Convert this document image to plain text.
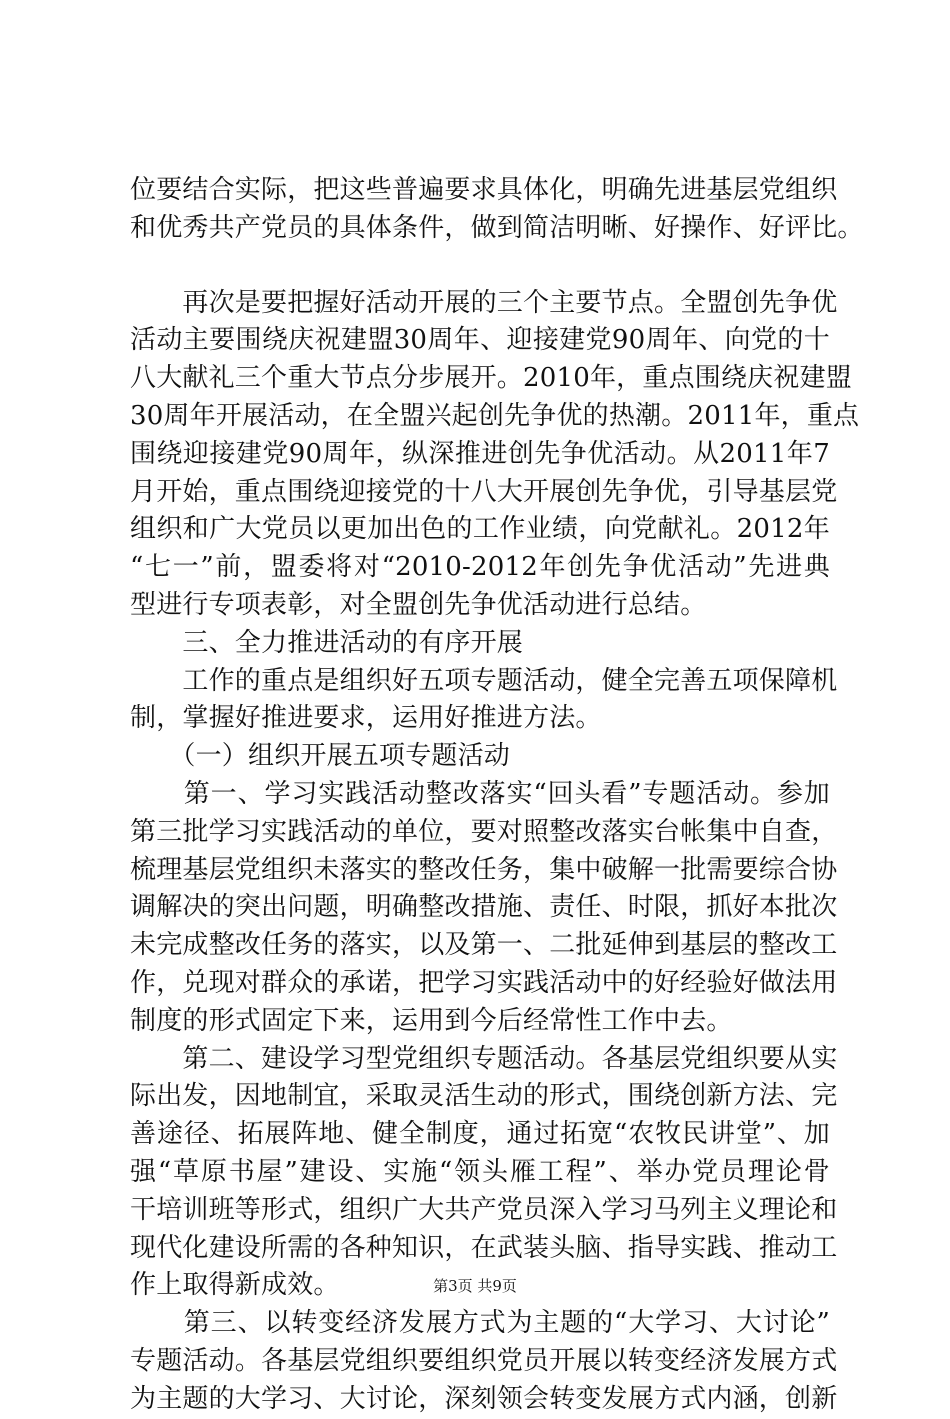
位要结合实际，把这些普遍要求具体化，明确先进基层党组织
和优秀共产党员的具体条件，做到简洁明晰、好操作、好评比。
　　再次是要把握好活动开展的三个主要节点。全盟创先争优
活动主要围绕庆祝建盟30周年、迎接建党90周年、向党的十
八大献礼三个重大节点分步展开。2010年，重点围绕庆祝建盟
30周年开展活动，在全盟兴起创先争优的热潮。2011年，重点
围绕迎接建党90周年，纵深推进创先争优活动。从2011年7
月开始，重点围绕迎接党的十八大开展创先争优，引导基层党
组织和广大党员以更加出色的工作业绩，向党献礼。2012年
“七一”前，盟委将对“2010-2012年创先争优活动”先进典
型进行专项表彰，对全盟创先争优活动进行总结。
　　三、全力推进活动的有序开展
　　工作的重点是组织好五项专题活动，健全完善五项保障机
制，掌握好推进要求，运用好推进方法。
　　（一）组织开展五项专题活动
　　第一、学习实践活动整改落实“回头看”专题活动。参加
第三批学习实践活动的单位，要对照整改落实台帐集中自查，
梳理基层党组织未落实的整改任务，集中破解一批需要综合协
调解决的突出问题，明确整改措施、责任、时限，抓好本批次
未完成整改任务的落实，以及第一、二批延伸到基层的整改工
作，兑现对群众的承诺，把学习实践活动中的好经验好做法用
制度的形式固定下来，运用到今后经常性工作中去。
　　第二、建设学习型党组织专题活动。各基层党组织要从实
际出发，因地制宜，采取灵活生动的形式，围绕创新方法、完
善途径、拓展阵地、健全制度，通过拓宽“农牧民讲堂”、加
强“草原书屋”建设、实施“领头雁工程”、举办党员理论骨
干培训班等形式，组织广大共产党员深入学习马列主义理论和
现代化建设所需的各种知识，在武装头脑、指导实践、推动工
作上取得新成效。
　　第三、以转变经济发展方式为主题的“大学习、大讨论”
专题活动。各基层党组织要组织党员开展以转变经济发展方式
为主题的大学习、大讨论，深刻领会转变发展方式内涵，创新
第3页 共9页
